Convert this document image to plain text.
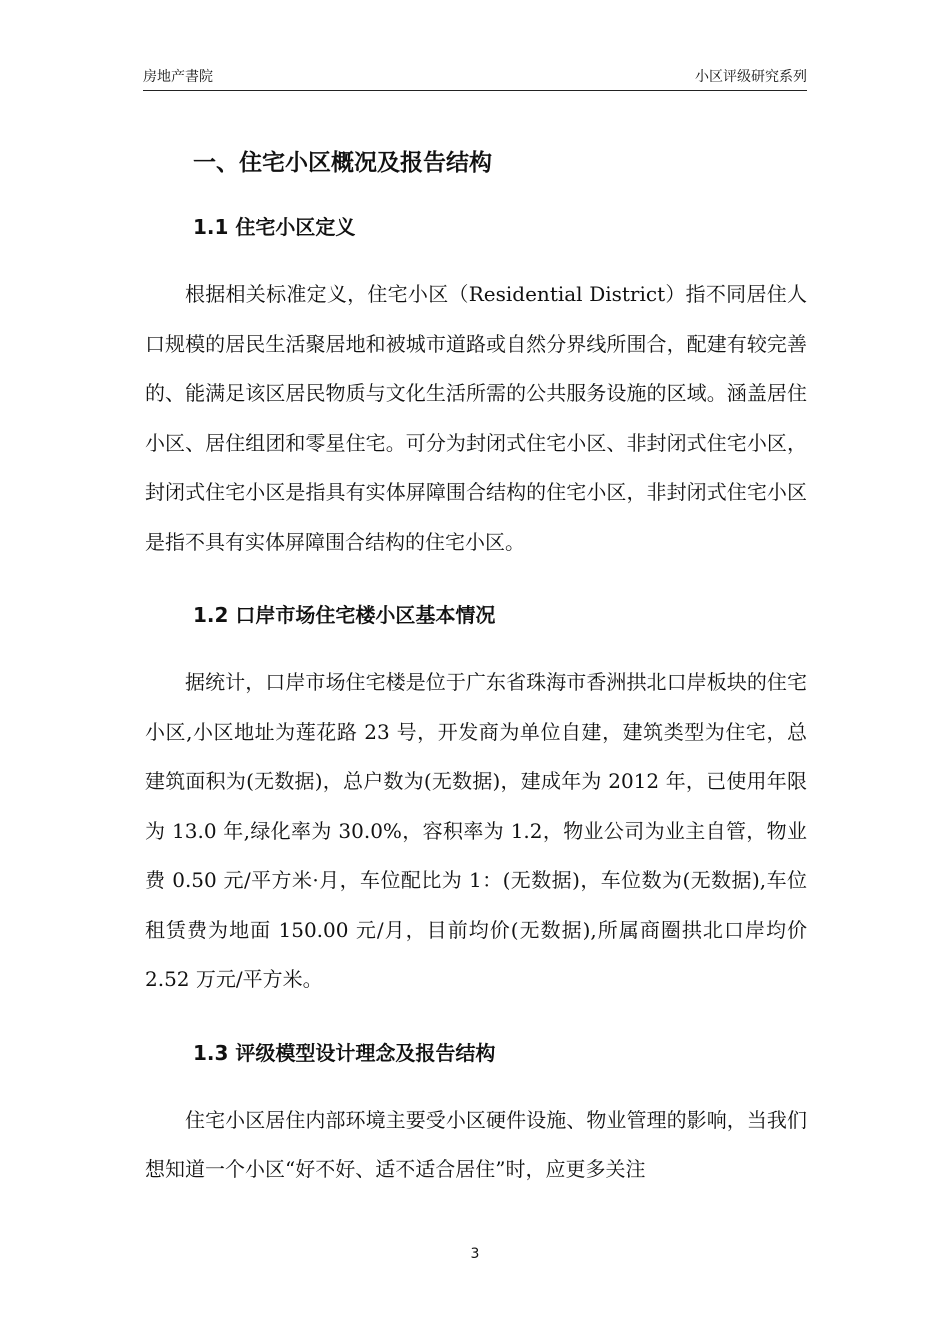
房地产書院	小区评级研究系列
一、住宅小区概况及报告结构
1.1 住宅小区定义

根据相关标准定义，住宅小区（Residential District）指不同居住人口规模的居民生活聚居地和被城市道路或自然分界线所围合，配建有较完善的、能满足该区居民物质与文化生活所需的公共服务设施的区域。涵盖居住小区、居住组团和零星住宅。可分为封闭式住宅小区、非封闭式住宅小区，封闭式住宅小区是指具有实体屏障围合结构的住宅小区，非封闭式住宅小区是指不具有实体屏障围合结构的住宅小区。

1.2 口岸市场住宅楼小区基本情况

据统计，口岸市场住宅楼是位于广东省珠海市香洲拱北口岸板块的住宅小区,小区地址为莲花路 23 号，开发商为单位自建，建筑类型为住宅，总建筑面积为(无数据)，总户数为(无数据)，建成年为 2012 年，已使用年限为 13.0 年,绿化率为 30.0%，容积率为 1.2，物业公司为业主自管，物业费 0.50 元/平方米·月，车位配比为 1：(无数据)，车位数为(无数据),车位租赁费为地面 150.00 元/月，目前均价(无数据),所属商圈拱北口岸均价 2.52 万元/平方米。

1.3 评级模型设计理念及报告结构

住宅小区居住内部环境主要受小区硬件设施、物业管理的影响，当我们想知道一个小区“好不好、适不适合居住”时，应更多关注

3
